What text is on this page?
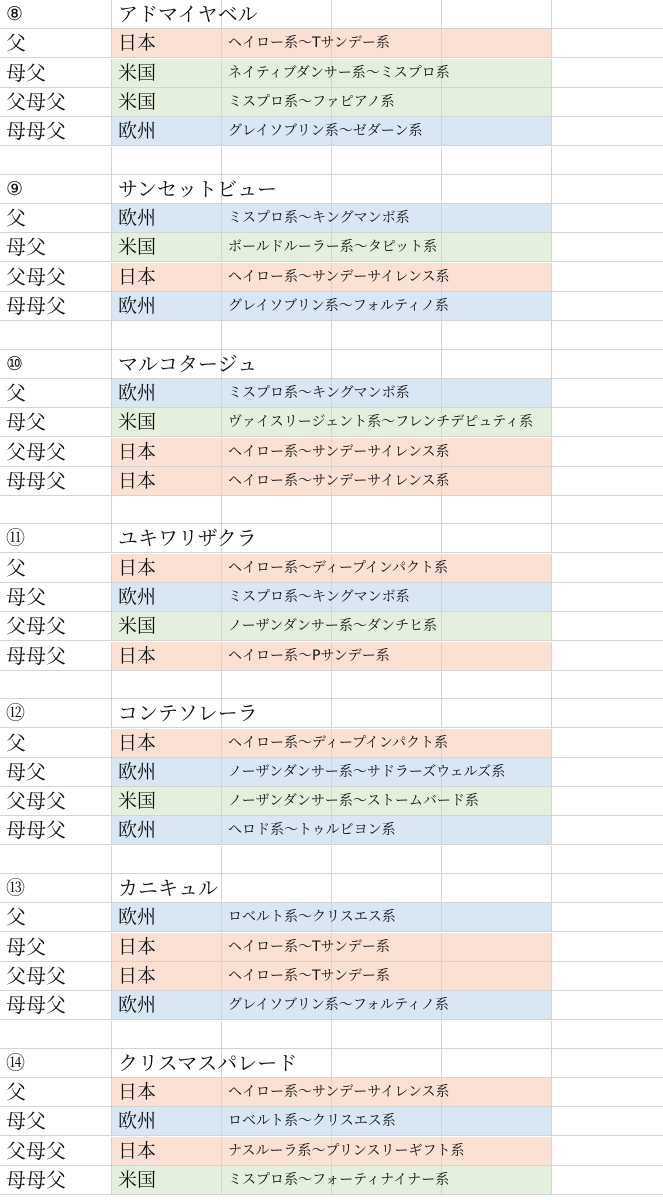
⑧	アドマイヤベル
父	日本	ヘイロー系〜Tサンデー系
母父	米国	ネイティブダンサー系〜ミスプロ系
父母父	米国	ミスプロ系〜ファピアノ系
母母父	欧州	グレイソブリン系〜ゼダーン系
⑨	サンセットビュー
父	欧州	ミスプロ系〜キングマンボ系
母父	米国	ボールドルーラー系〜タピット系
父母父	日本	ヘイロー系〜サンデーサイレンス系
母母父	欧州	グレイソブリン系〜フォルティノ系
⑩	マルコタージュ
父	欧州	ミスプロ系〜キングマンボ系
母父	米国	ヴァイスリージェント系〜フレンチデピュティ系
父母父	日本	ヘイロー系〜サンデーサイレンス系
母母父	日本	ヘイロー系〜サンデーサイレンス系
⑪	ユキワリザクラ
父	日本	ヘイロー系〜ディープインパクト系
母父	欧州	ミスプロ系〜キングマンボ系
父母父	米国	ノーザンダンサー系〜ダンチヒ系
母母父	日本	ヘイロー系〜Pサンデー系
⑫	コンテソレーラ
父	日本	ヘイロー系〜ディープインパクト系
母父	欧州	ノーザンダンサー系〜サドラーズウェルズ系
父母父	米国	ノーザンダンサー系〜ストームバード系
母母父	欧州	ヘロド系〜トゥルビヨン系
⑬	カニキュル
父	欧州	ロベルト系〜クリスエス系
母父	日本	ヘイロー系〜Tサンデー系
父母父	日本	ヘイロー系〜Tサンデー系
母母父	欧州	グレイソブリン系〜フォルティノ系
⑭	クリスマスパレード
父	日本	ヘイロー系〜サンデーサイレンス系
母父	欧州	ロベルト系〜クリスエス系
父母父	日本	ナスルーラ系〜プリンスリーギフト系
母母父	米国	ミスプロ系〜フォーティナイナー系
